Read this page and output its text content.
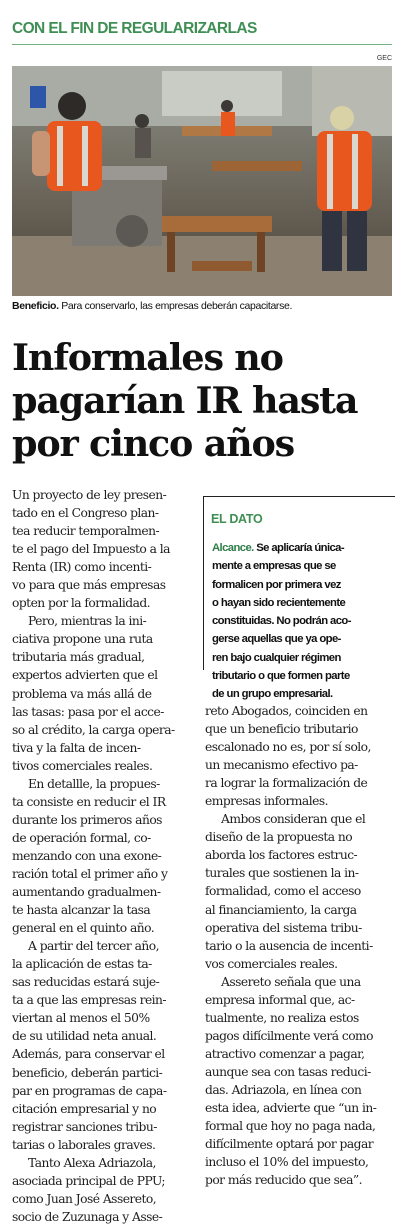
CON EL FIN DE REGULARIZARLAS
GEC
Beneficio. Para conservarlo, las empresas deberán capacitarse.
Informales no
pagarían IR hasta
por cinco años
EL DATO
Alcance. Se aplicaría única-
mente a empresas que se
formalicen por primera vez
o hayan sido recientemente
constituidas. No podrán aco-
gerse aquellas que ya ope-
ren bajo cualquier régimen
tributario o que formen parte
de un grupo empresarial.

Un proyecto de ley presen-
tado en el Congreso plan-
tea reducir temporalmen-
te el pago del Impuesto a la
Renta (IR) como incenti-
vo para que más empresas
opten por la formalidad.

Pero, mientras la ini-
ciativa propone una ruta
tributaria más gradual,
expertos advierten que el
problema va más allá de
las tasas: pasa por el acce-
so al crédito, la carga opera-
tiva y la falta de incen-
tivos comerciales reales.

En detallle, la propues-
ta consiste en reducir el IR
durante los primeros años
de operación formal, co-
menzando con una exone-
ración total el primer año y
aumentando gradualmen-
te hasta alcanzar la tasa
general en el quinto año.

A partir del tercer año,
la aplicación de estas ta-
sas reducidas estará suje-
ta a que las empresas rein-
viertan al menos el 50%
de su utilidad neta anual.
Además, para conservar el
beneficio, deberán partici-
par en programas de capa-
citación empresarial y no
registrar sanciones tribu-
tarias o laborales graves.

Tanto Alexa Adriazola,
asociada principal de PPU;
como Juan José Assereto,
socio de Zuzunaga y Asse-

reto Abogados, coinciden en
que un beneficio tributario
escalonado no es, por sí solo,
un mecanismo efectivo pa-
ra lograr la formalización de
empresas informales.

Ambos consideran que el
diseño de la propuesta no
aborda los factores estruc-
turales que sostienen la in-
formalidad, como el acceso
al financiamiento, la carga
operativa del sistema tribu-
tario o la ausencia de incenti-
vos comerciales reales.

Assereto señala que una
empresa informal que, ac-
tualmente, no realiza estos
pagos difícilmente verá como
atractivo comenzar a pagar,
aunque sea con tasas reduci-
das. Adriazola, en línea con
esta idea, advierte que “un in-
formal que hoy no paga nada,
difícilmente optará por pagar
incluso el 10% del impuesto,
por más reducido que sea”.
